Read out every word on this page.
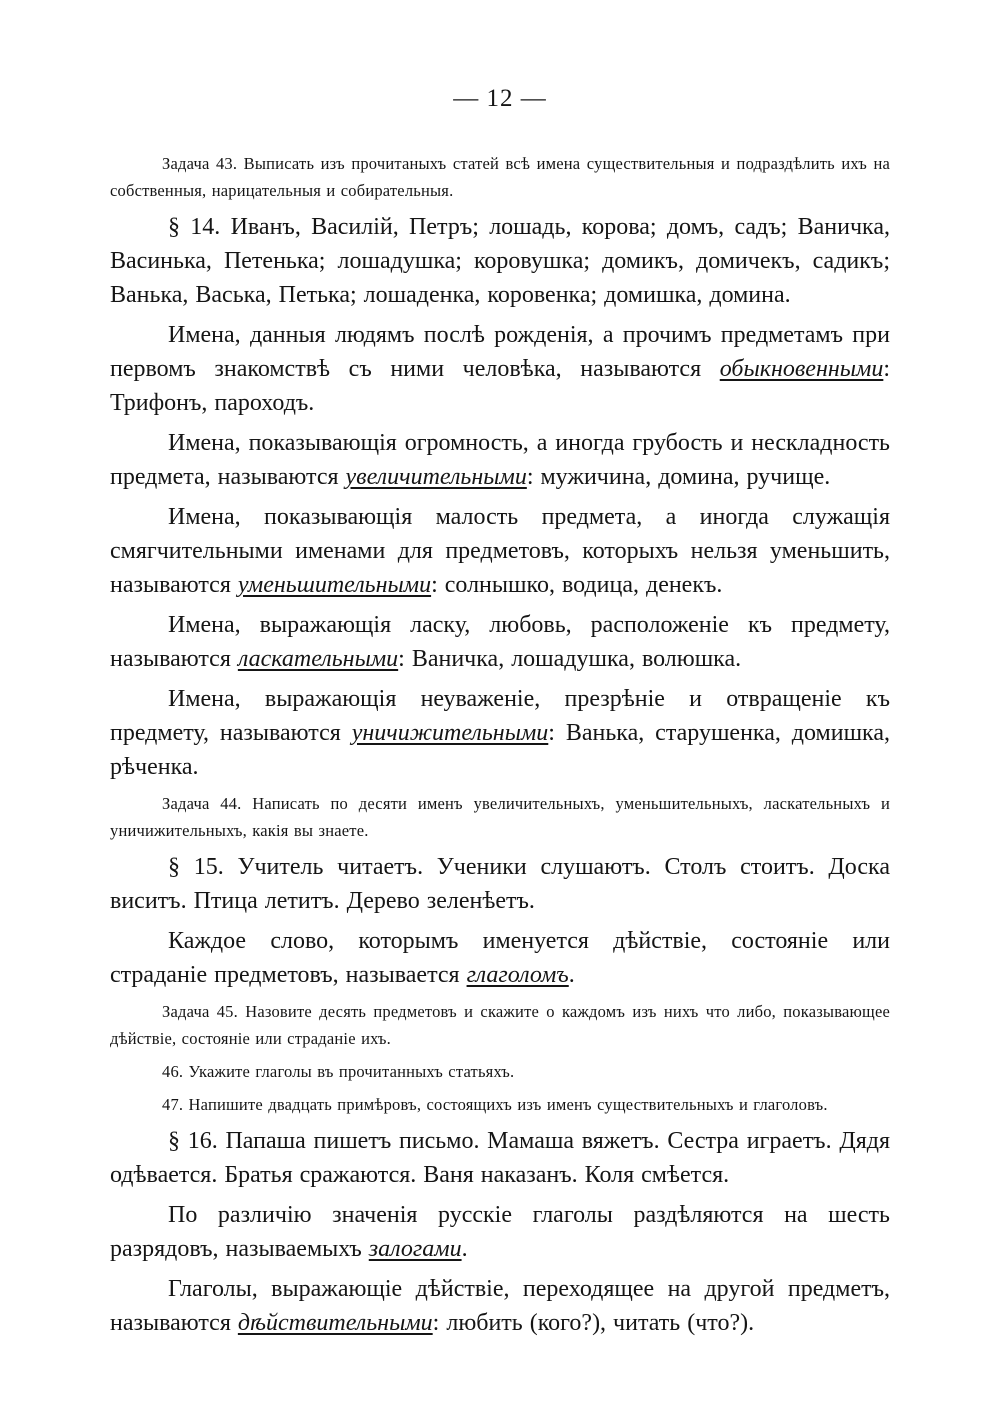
— 12 —

Задача 43. Выписать изъ прочитаныхъ статей всѣ имена существительныя и подраздѣлить ихъ на собственныя, нарицательныя и собирательныя.

§ 14. Иванъ, Василій, Петръ; лошадь, корова; домъ, садъ; Ваничка, Васинька, Петенька; лошадушка; коровушка; домикъ, домичекъ, садикъ; Ванька, Васька, Петька; лошаденка, коровенка; домишка, домина.

Имена, данныя людямъ послѣ рожденія, а прочимъ предметамъ при первомъ знакомствѣ съ ними человѣка, называются обыкновенными: Трифонъ, пароходъ.

Имена, показывающія огромность, а иногда грубость и нескладность предмета, называются увеличительными: мужичина, домина, ручище.

Имена, показывающія малость предмета, а иногда служащія смягчительными именами для предметовъ, которыхъ нельзя уменьшить, называются уменьшительными: солнышко, водица, денекъ.

Имена, выражающія ласку, любовь, расположеніе къ предмету, называются ласкательными: Ваничка, лошадушка, волюшка.

Имена, выражающія неуваженіе, презрѣніе и отвращеніе къ предмету, называются уничижительными: Ванька, старушенка, домишка, рѣченка.

Задача 44. Написать по десяти именъ увеличительныхъ, уменьшительныхъ, ласкательныхъ и уничижительныхъ, какія вы знаете.

§ 15. Учитель читаетъ. Ученики слушаютъ. Столъ стоитъ. Доска виситъ. Птица летитъ. Дерево зеленѣетъ.

Каждое слово, которымъ именуется дѣйствіе, состояніе или страданіе предметовъ, называется глаголомъ.

Задача 45. Назовите десять предметовъ и скажите о каждомъ изъ нихъ что либо, показывающее дѣйствіе, состояніе или страданіе ихъ.

46. Укажите глаголы въ прочитанныхъ статьяхъ.

47. Напишите двадцать примѣровъ, состоящихъ изъ именъ существительныхъ и глаголовъ.

§ 16. Папаша пишетъ письмо. Мамаша вяжетъ. Сестра играетъ. Дядя одѣвается. Братья сражаются. Ваня наказанъ. Коля смѣется.

По различію значенія русскіе глаголы раздѣляются на шесть разрядовъ, называемыхъ залогами.

Глаголы, выражающіе дѣйствіе, переходящее на другой предметъ, называются дѣйствительными: любить (кого?), читать (что?).
